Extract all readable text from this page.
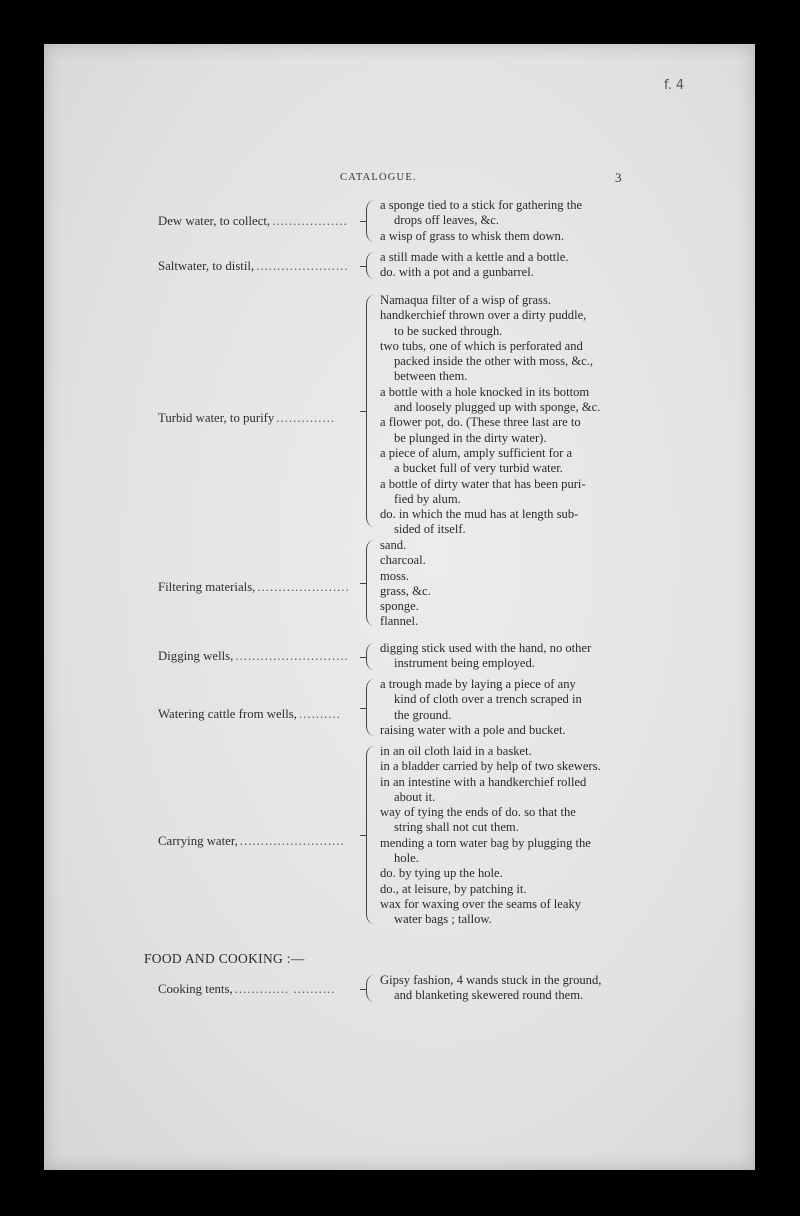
f. 4
CATALOGUE.	3
Dew water, to collect, ..................
a sponge tied to a stick for gathering the
drops off leaves, &c.
a wisp of grass to whisk them down.
Saltwater, to distil, ......................
a still made with a kettle and a bottle.
do. with a pot and a gunbarrel.
Turbid water, to purify ..............
Namaqua filter of a wisp of grass.
handkerchief thrown over a dirty puddle,
to be sucked through.
two tubs, one of which is perforated and
packed inside the other with moss, &c.,
between them.
a bottle with a hole knocked in its bottom
and loosely plugged up with sponge, &c.
a flower pot, do. (These three last are to
be plunged in the dirty water).
a piece of alum, amply sufficient for a
a bucket full of very turbid water.
a bottle of dirty water that has been puri-
fied by alum.
do. in which the mud has at length sub-
sided of itself.
Filtering materials, ......................
sand.
charcoal.
moss.
grass, &c.
sponge.
flannel.
Digging wells, ...........................
digging stick used with the hand, no other
instrument being employed.
Watering cattle from wells, ..........
a trough made by laying a piece of any
kind of cloth over a trench scraped in
the ground.
raising water with a pole and bucket.
Carrying water, .........................
in an oil cloth laid in a basket.
in a bladder carried by help of two skewers.
in an intestine with a handkerchief rolled
about it.
way of tying the ends of do. so that the
string shall not cut them.
mending a torn water bag by plugging the
hole.
do. by tying up the hole.
do., at leisure, by patching it.
wax for waxing over the seams of leaky
water bags ; tallow.
FOOD AND COOKING :—
Cooking tents, ............. ..........
Gipsy fashion, 4 wands stuck in the ground,
and blanketing skewered round them.
